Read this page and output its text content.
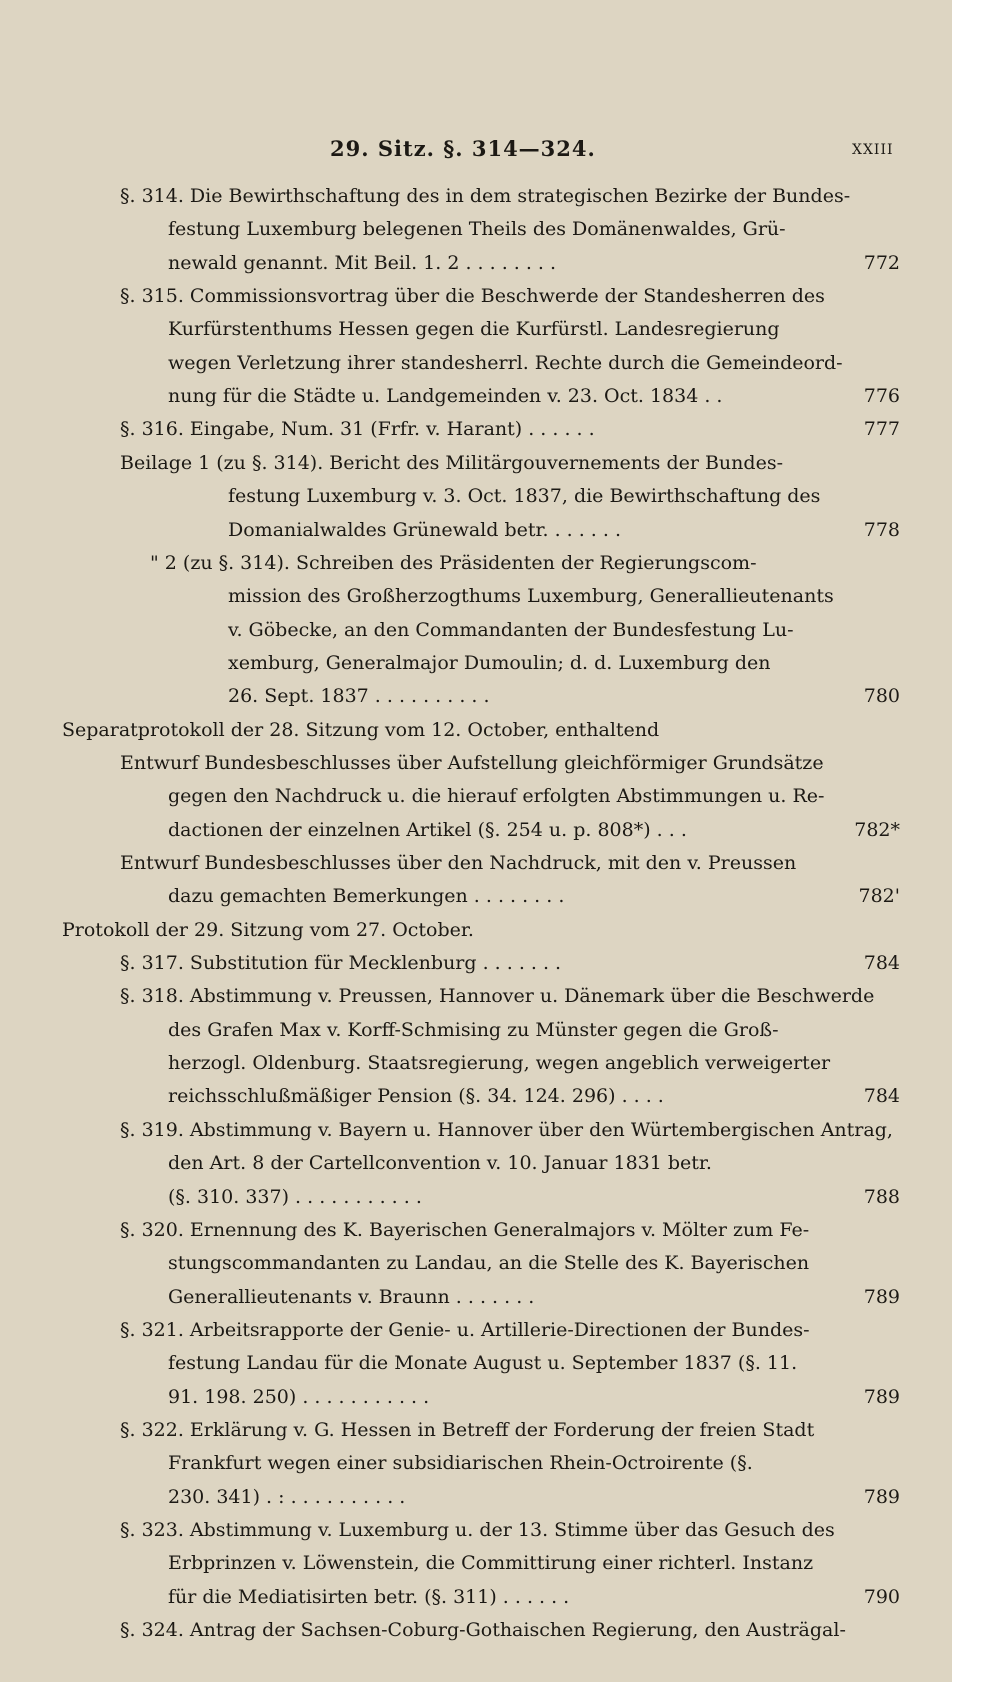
29. Sitz. §. 314—324.	XXIII
§. 314. Die Bewirthschaftung des in dem strategischen Bezirke der Bundes-
festung Luxemburg belegenen Theils des Domänenwaldes, Grü-
newald genannt. Mit Beil. 1. 2 . . . . . . . .	772
§. 315. Commissionsvortrag über die Beschwerde der Standesherren des
Kurfürstenthums Hessen gegen die Kurfürstl. Landesregierung
wegen Verletzung ihrer standesherrl. Rechte durch die Gemeindeord-
nung für die Städte u. Landgemeinden v. 23. Oct. 1834 . .	776
§. 316. Eingabe, Num. 31 (Frfr. v. Harant) . . . . . .	777
Beilage 1 (zu §. 314). Bericht des Militärgouvernements der Bundes-
festung Luxemburg v. 3. Oct. 1837, die Bewirthschaftung des
Domanialwaldes Grünewald betr. . . . . . .	778
" 2 (zu §. 314). Schreiben des Präsidenten der Regierungscom-
mission des Großherzogthums Luxemburg, Generallieutenants
v. Göbecke, an den Commandanten der Bundesfestung Lu-
xemburg, Generalmajor Dumoulin; d. d. Luxemburg den
26. Sept. 1837 . . . . . . . . . .	780
Separatprotokoll der 28. Sitzung vom 12. October, enthaltend
Entwurf Bundesbeschlusses über Aufstellung gleichförmiger Grundsätze
gegen den Nachdruck u. die hierauf erfolgten Abstimmungen u. Re-
dactionen der einzelnen Artikel (§. 254 u. p. 808*) . . .	782*
Entwurf Bundesbeschlusses über den Nachdruck, mit den v. Preussen
dazu gemachten Bemerkungen . . . . . . . .	782'
Protokoll der 29. Sitzung vom 27. October.
§. 317. Substitution für Mecklenburg . . . . . . .	784
§. 318. Abstimmung v. Preussen, Hannover u. Dänemark über die Beschwerde
des Grafen Max v. Korff-Schmising zu Münster gegen die Groß-
herzogl. Oldenburg. Staatsregierung, wegen angeblich verweigerter
reichsschlußmäßiger Pension (§. 34. 124. 296) . . . .	784
§. 319. Abstimmung v. Bayern u. Hannover über den Würtembergischen Antrag,
den Art. 8 der Cartellconvention v. 10. Januar 1831 betr.
(§. 310. 337) . . . . . . . . . . .	788
§. 320. Ernennung des K. Bayerischen Generalmajors v. Mölter zum Fe-
stungscommandanten zu Landau, an die Stelle des K. Bayerischen
Generallieutenants v. Braunn . . . . . . .	789
§. 321. Arbeitsrapporte der Genie- u. Artillerie-Directionen der Bundes-
festung Landau für die Monate August u. September 1837 (§. 11.
91. 198. 250) . . . . . . . . . . .	789
§. 322. Erklärung v. G. Hessen in Betreff der Forderung der freien Stadt
Frankfurt wegen einer subsidiarischen Rhein-Octroirente (§.
230. 341) . : . . . . . . . . . .	789
§. 323. Abstimmung v. Luxemburg u. der 13. Stimme über das Gesuch des
Erbprinzen v. Löwenstein, die Committirung einer richterl. Instanz
für die Mediatisirten betr. (§. 311) . . . . . .	790
§. 324. Antrag der Sachsen-Coburg-Gothaischen Regierung, den Austrägal-
